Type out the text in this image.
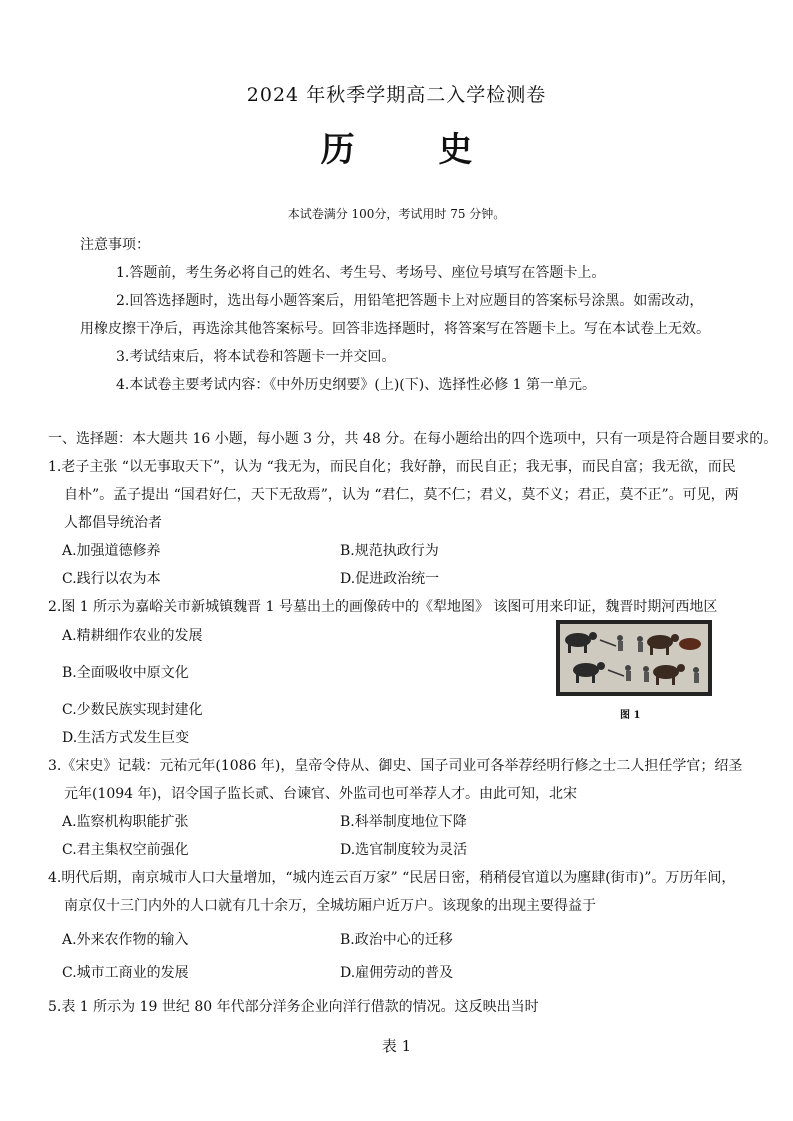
2024 年秋季学期高二入学检测卷
历 史
本试卷满分 100分，考试用时 75 分钟。
注意事项：
1.答题前，考生务必将自己的姓名、考生号、考场号、座位号填写在答题卡上。
2.回答选择题时，选出每小题答案后，用铅笔把答题卡上对应题目的答案标号涂黑。如需改动，
用橡皮擦干净后，再选涂其他答案标号。回答非选择题时，将答案写在答题卡上。写在本试卷上无效。
3.考试结束后，将本试卷和答题卡一并交回。
4.本试卷主要考试内容：《中外历史纲要》(上)(下)、选择性必修 1 第一单元。
一、选择题：本大题共 16 小题，每小题 3 分，共 48 分。在每小题给出的四个选项中，只有一项是符合题目要求的。
1.老子主张 “以无事取天下”，认为 “我无为，而民自化；我好静，而民自正；我无事，而民自富；我无欲，而民
自朴”。孟子提出 “国君好仁，天下无敌焉”，认为 “君仁，莫不仁；君义，莫不义；君正，莫不正”。可见，两
人都倡导统治者
A.加强道德修养	B.规范执政行为
C.践行以农为本	D.促进政治统一
2.图 1 所示为嘉峪关市新城镇魏晋 1 号墓出土的画像砖中的《犁地图》 该图可用来印证，魏晋时期河西地区
A.精耕细作农业的发展
B.全面吸收中原文化
C.少数民族实现封建化
D.生活方式发生巨变
图 1
3.《宋史》记载：元祐元年(1086 年)，皇帝令侍从、御史、国子司业可各举荐经明行修之士二人担任学官；绍圣
元年(1094 年)，诏令国子监长贰、台谏官、外监司也可举荐人才。由此可知，北宋
A.监察机构职能扩张	B.科举制度地位下降
C.君主集权空前强化	D.选官制度较为灵活
4.明代后期，南京城市人口大量增加，“城内连云百万家” “民居日密，稍稍侵官道以为廛肆(街市)”。万历年间，
南京仅十三门内外的人口就有几十余万，全城坊厢户近万户。该现象的出现主要得益于
A.外来农作物的输入	B.政治中心的迁移
C.城市工商业的发展	D.雇佣劳动的普及
5.表 1 所示为 19 世纪 80 年代部分洋务企业向洋行借款的情况。这反映出当时
表 1
